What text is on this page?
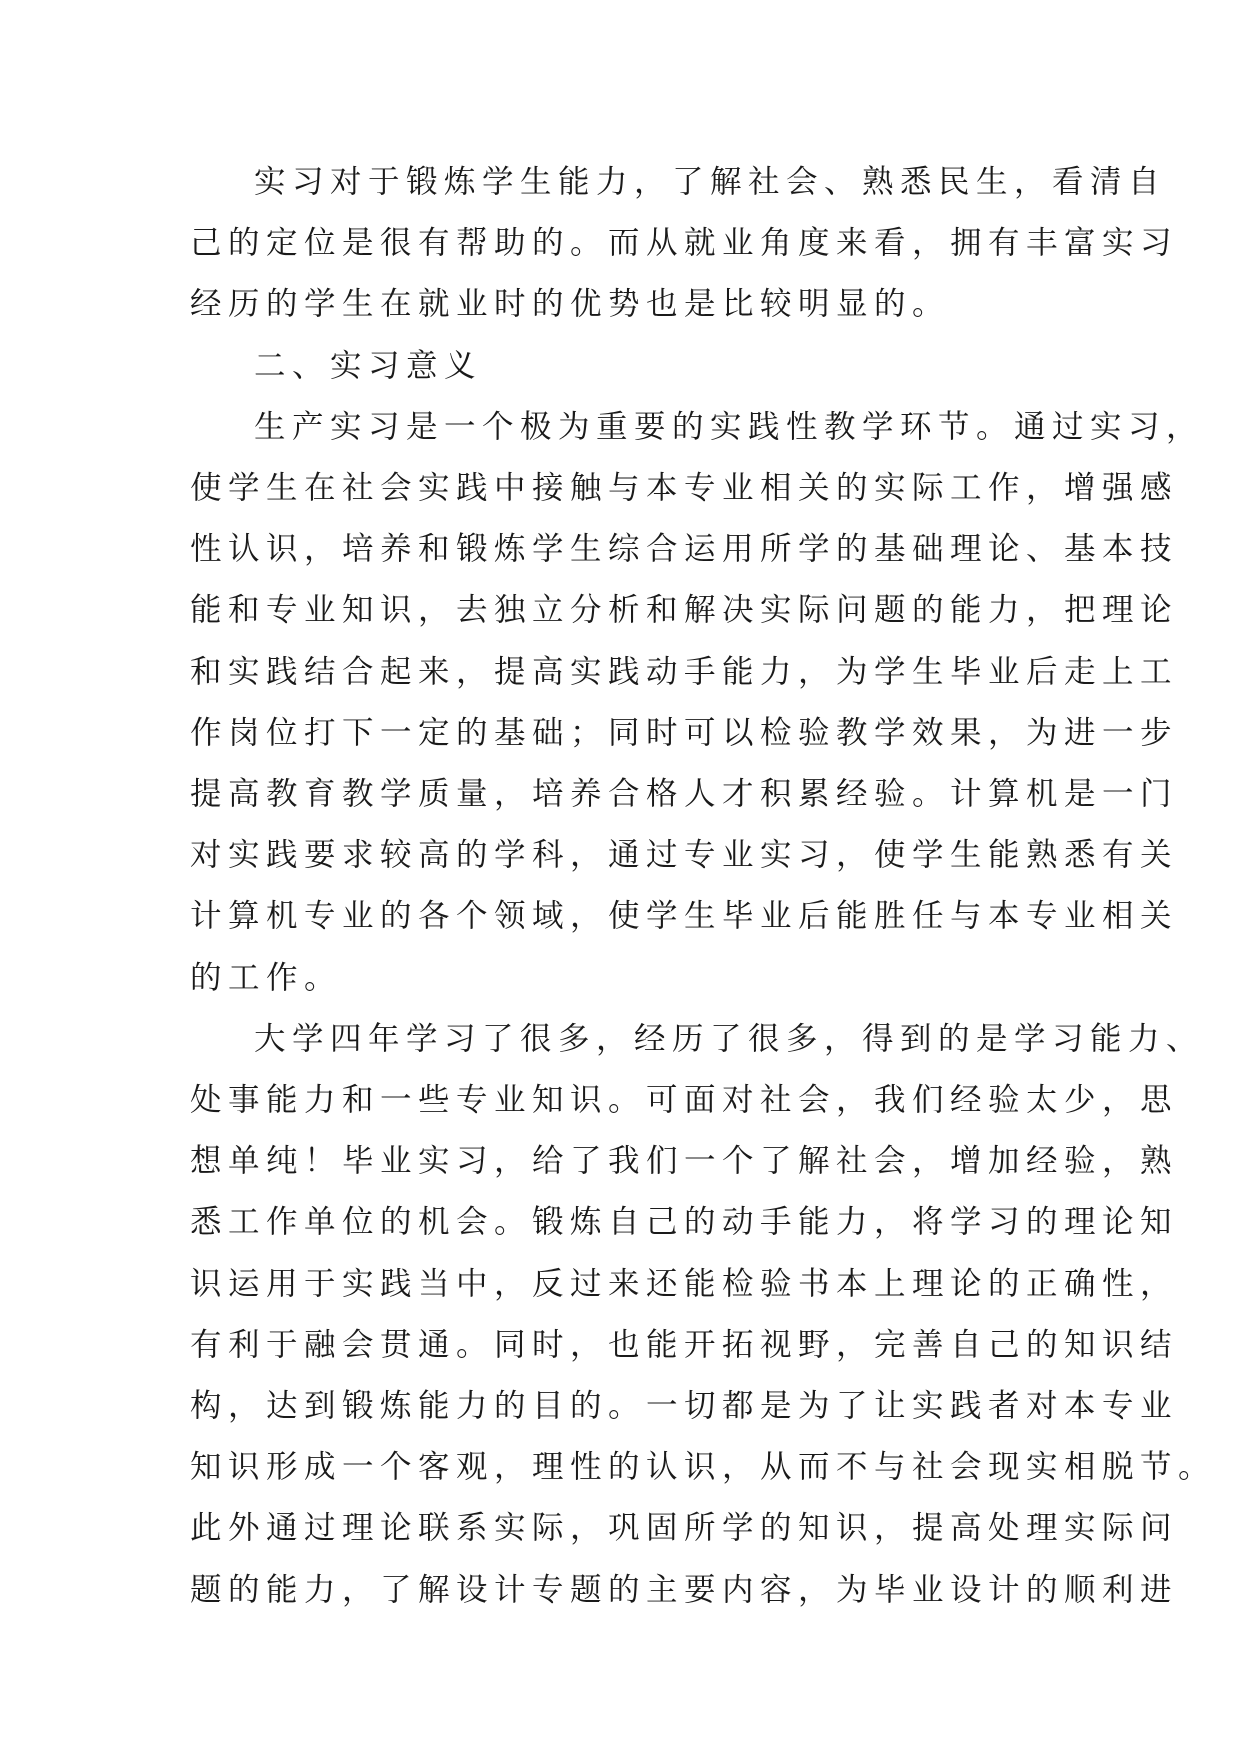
实习对于锻炼学生能力，了解社会、熟悉民生，看清自
己的定位是很有帮助的。而从就业角度来看，拥有丰富实习
经历的学生在就业时的优势也是比较明显的。
二、实习意义
生产实习是一个极为重要的实践性教学环节。通过实习，
使学生在社会实践中接触与本专业相关的实际工作，增强感
性认识，培养和锻炼学生综合运用所学的基础理论、基本技
能和专业知识，去独立分析和解决实际问题的能力，把理论
和实践结合起来，提高实践动手能力，为学生毕业后走上工
作岗位打下一定的基础；同时可以检验教学效果，为进一步
提高教育教学质量，培养合格人才积累经验。计算机是一门
对实践要求较高的学科，通过专业实习，使学生能熟悉有关
计算机专业的各个领域，使学生毕业后能胜任与本专业相关
的工作。
大学四年学习了很多，经历了很多，得到的是学习能力、
处事能力和一些专业知识。可面对社会，我们经验太少，思
想单纯！毕业实习，给了我们一个了解社会，增加经验，熟
悉工作单位的机会。锻炼自己的动手能力，将学习的理论知
识运用于实践当中，反过来还能检验书本上理论的正确性，
有利于融会贯通。同时，也能开拓视野，完善自己的知识结
构，达到锻炼能力的目的。一切都是为了让实践者对本专业
知识形成一个客观，理性的认识，从而不与社会现实相脱节。
此外通过理论联系实际，巩固所学的知识，提高处理实际问
题的能力，了解设计专题的主要内容，为毕业设计的顺利进
